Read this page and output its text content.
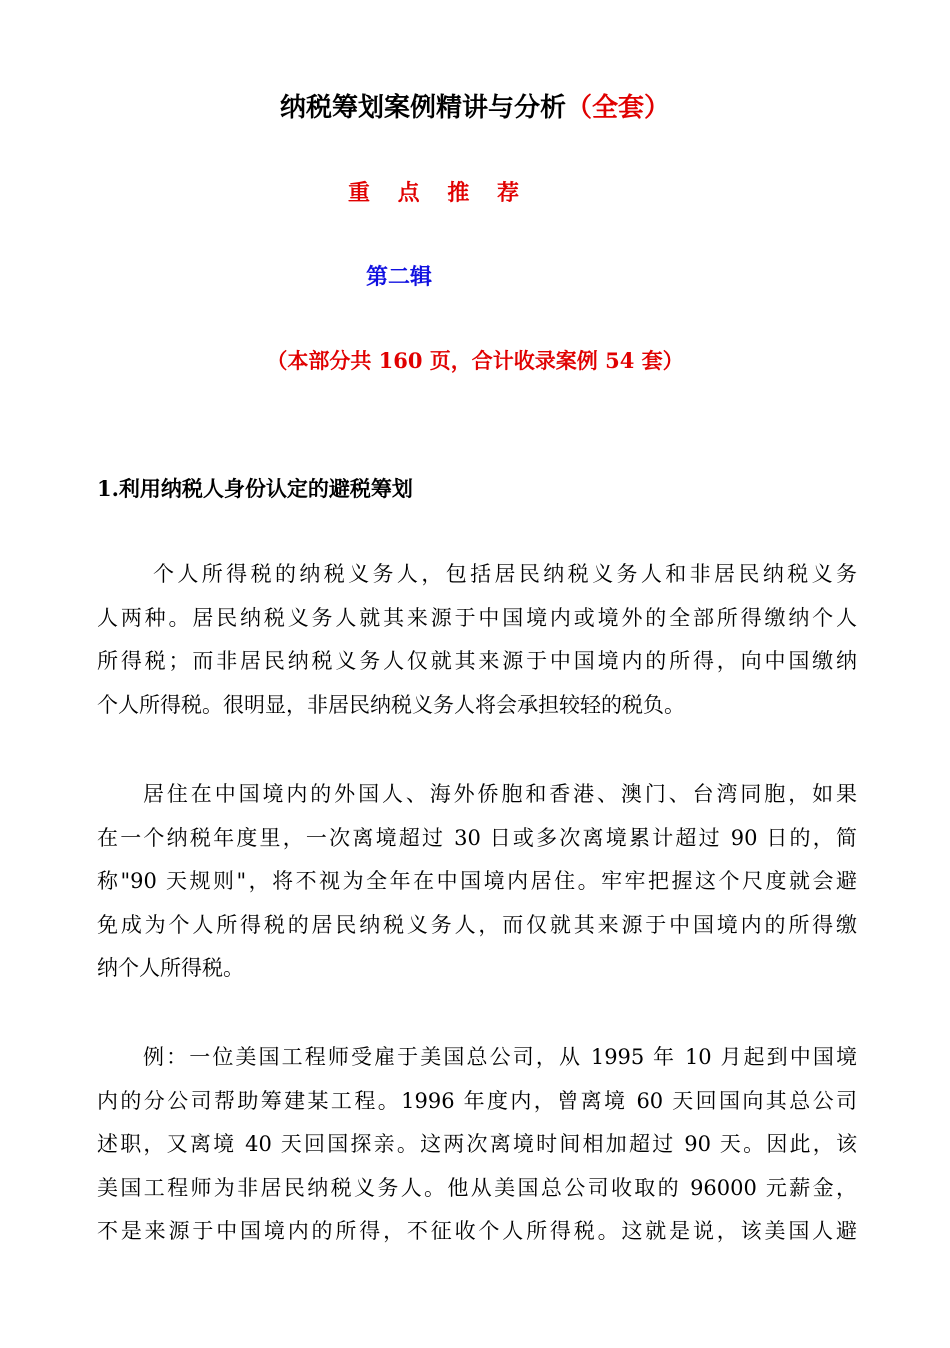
纳税筹划案例精讲与分析（全套）
重 点 推 荐
第二辑
（本部分共 160 页，合计收录案例 54 套）
1.利用纳税人身份认定的避税筹划
个人所得税的纳税义务人，包括居民纳税义务人和非居民纳税义务
人两种。居民纳税义务人就其来源于中国境内或境外的全部所得缴纳个人
所得税；而非居民纳税义务人仅就其来源于中国境内的所得，向中国缴纳
个人所得税。很明显，非居民纳税义务人将会承担较轻的税负。
居住在中国境内的外国人、海外侨胞和香港、澳门、台湾同胞，如果
在一个纳税年度里，一次离境超过 30 日或多次离境累计超过 90 日的，简
称"90 天规则"，将不视为全年在中国境内居住。牢牢把握这个尺度就会避
免成为个人所得税的居民纳税义务人，而仅就其来源于中国境内的所得缴
纳个人所得税。
例：一位美国工程师受雇于美国总公司，从 1995 年 10 月起到中国境
内的分公司帮助筹建某工程。1996 年度内，曾离境 60 天回国向其总公司
述职，又离境 40 天回国探亲。这两次离境时间相加超过 90 天。因此，该
美国工程师为非居民纳税义务人。他从美国总公司收取的 96000 元薪金，
不是来源于中国境内的所得，不征收个人所得税。这就是说，该美国人避
